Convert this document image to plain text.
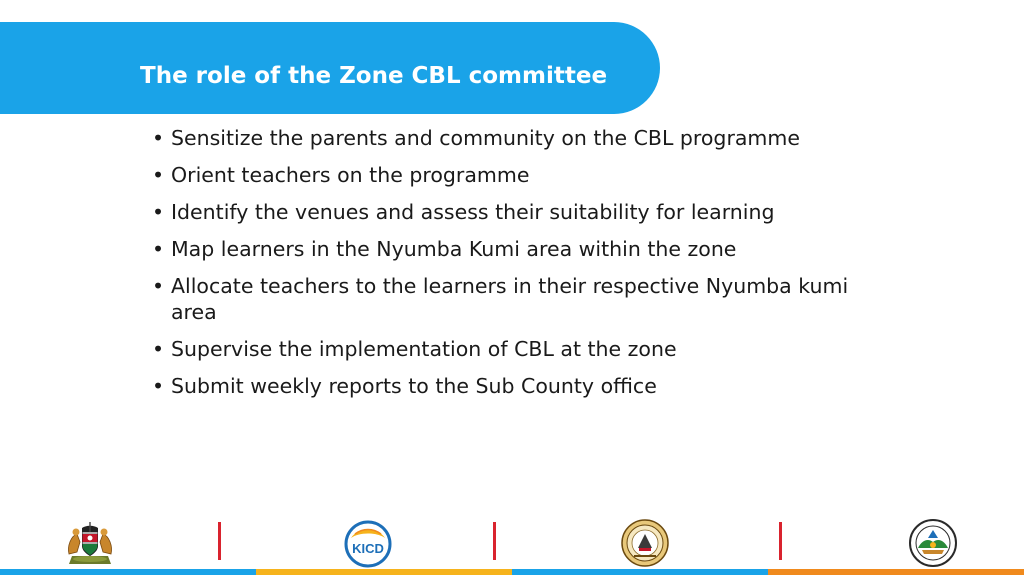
The role of the Zone CBL committee
• Sensitize the parents and community on the CBL programme
• Orient teachers on the programme
• Identify the venues and assess their suitability for learning
• Map learners in the Nyumba Kumi area within the zone
• Allocate teachers to the learners in their respective Nyumba kumi area
• Supervise the implementation of CBL at the zone
• Submit weekly reports to the Sub County office
KICD
